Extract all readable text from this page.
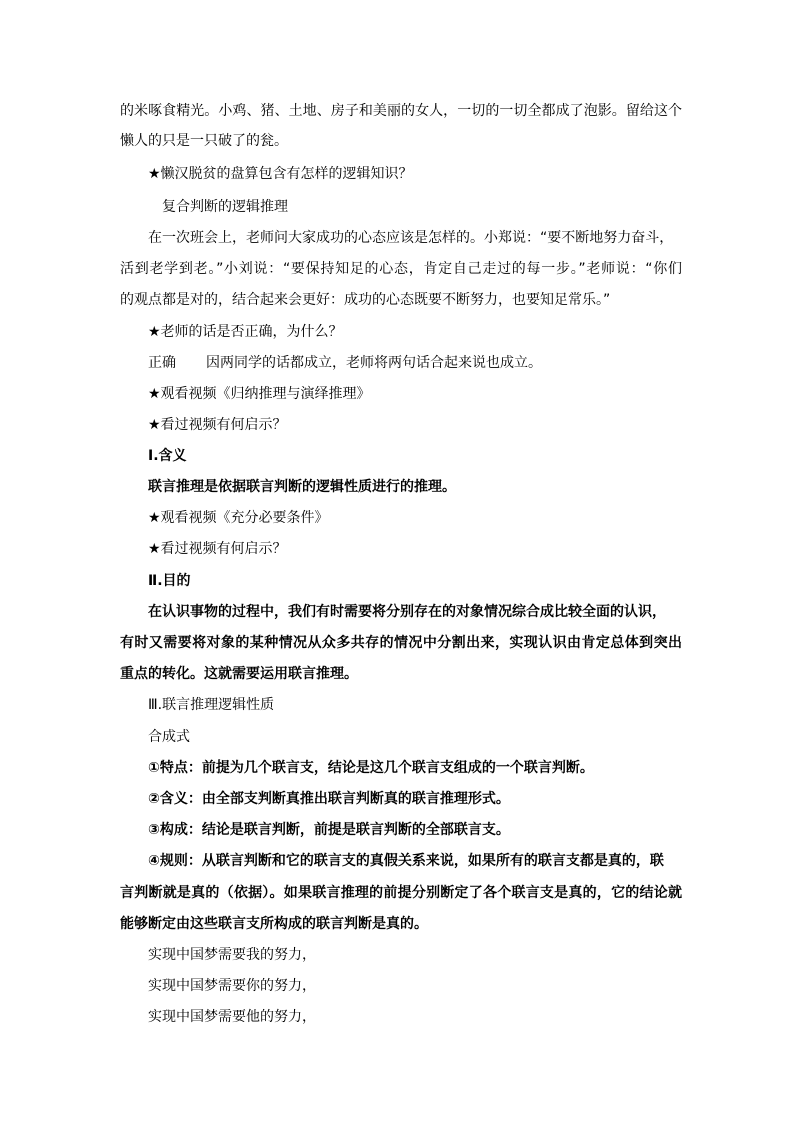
的米啄食精光。小鸡、猪、土地、房子和美丽的女人，一切的一切全都成了泡影。留给这个
懒人的只是一只破了的瓮。
★懒汉脱贫的盘算包含有怎样的逻辑知识？
复合判断的逻辑推理
在一次班会上，老师问大家成功的心态应该是怎样的。小郑说：“要不断地努力奋斗，
活到老学到老。”小刘说：“要保持知足的心态，肯定自己走过的每一步。”老师说：“你们
的观点都是对的，结合起来会更好：成功的心态既要不断努力，也要知足常乐。”
★老师的话是否正确，为什么？
正确 因两同学的话都成立，老师将两句话合起来说也成立。
★观看视频《归纳推理与演绎推理》
★看过视频有何启示？
Ⅰ.含义
联言推理是依据联言判断的逻辑性质进行的推理。
★观看视频《充分必要条件》
★看过视频有何启示？
Ⅱ.目的
在认识事物的过程中，我们有时需要将分别存在的对象情况综合成比较全面的认识，
有时又需要将对象的某种情况从众多共存的情况中分割出来，实现认识由肯定总体到突出
重点的转化。这就需要运用联言推理。
Ⅲ.联言推理逻辑性质
合成式
①特点：前提为几个联言支，结论是这几个联言支组成的一个联言判断。
②含义：由全部支判断真推出联言判断真的联言推理形式。
③构成：结论是联言判断，前提是联言判断的全部联言支。
④规则：从联言判断和它的联言支的真假关系来说，如果所有的联言支都是真的，联
言判断就是真的（依据）。如果联言推理的前提分别断定了各个联言支是真的，它的结论就
能够断定由这些联言支所构成的联言判断是真的。
实现中国梦需要我的努力，
实现中国梦需要你的努力，
实现中国梦需要他的努力，
